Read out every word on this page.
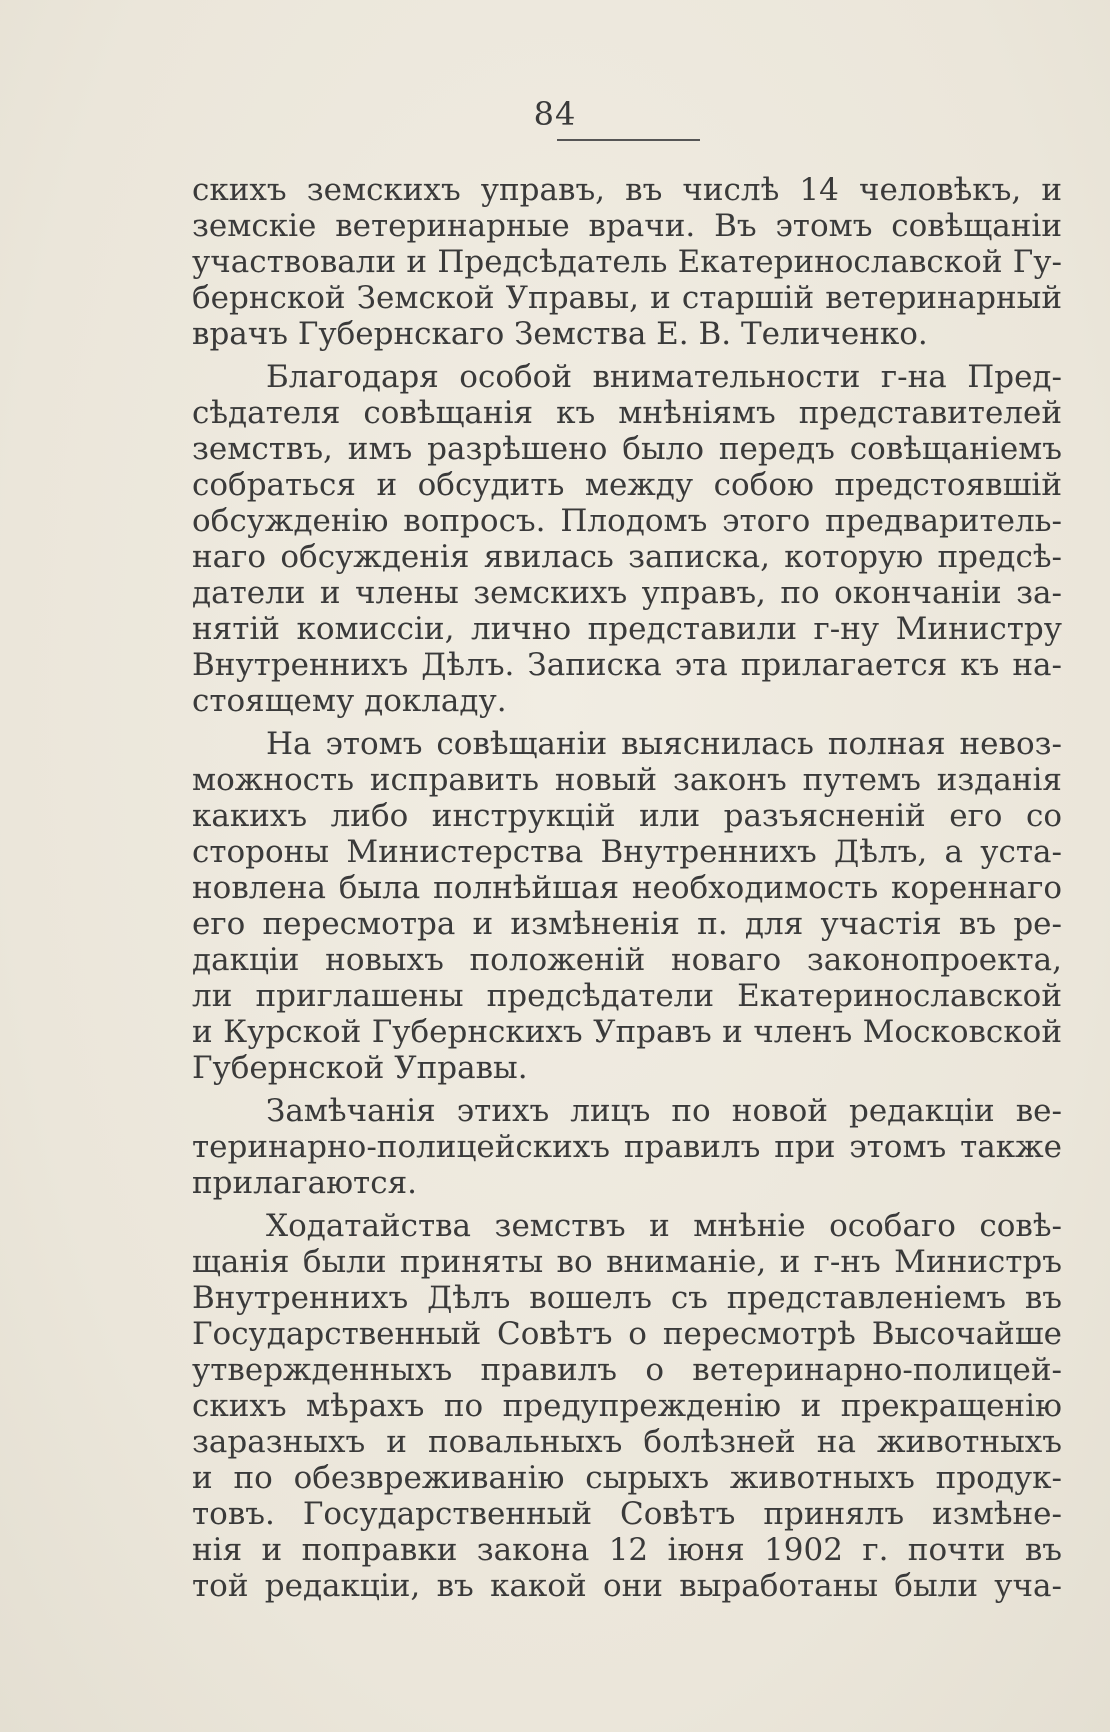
84
скихъ земскихъ управъ, въ числѣ 14 человѣкъ, и
земскіе ветеринарные врачи. Въ этомъ совѣщаніи
участвовали и Предсѣдатель Екатеринославской Гу-
бернской Земской Управы, и старшій ветеринарный
врачъ Губернскаго Земства Е. В. Теличенко.
Благодаря особой внимательности г-на Пред-
сѣдателя совѣщанія къ мнѣніямъ представителей
земствъ, имъ разрѣшено было передъ совѣщаніемъ
собраться и обсудить между собою предстоявшій
обсужденію вопросъ. Плодомъ этого предваритель-
наго обсужденія явилась записка, которую предсѣ-
датели и члены земскихъ управъ, по окончаніи за-
нятій комиссіи, лично представили г-ну Министру
Внутреннихъ Дѣлъ. Записка эта прилагается къ на-
стоящему докладу.
На этомъ совѣщаніи выяснилась полная невоз-
можность исправить новый законъ путемъ изданія
какихъ либо инструкцій или разъясненій его со
стороны Министерства Внутреннихъ Дѣлъ, а уста-
новлена была полнѣйшая необходимость кореннаго
его пересмотра и измѣненія п. для участія въ ре-
дакціи новыхъ положеній новаго законопроекта,
ли приглашены предсѣдатели Екатеринославской
и Курской Губернскихъ Управъ и членъ Московской
Губернской Управы.
Замѣчанія этихъ лицъ по новой редакціи ве-
теринарно-полицейскихъ правилъ при этомъ также
прилагаются.
Ходатайства земствъ и мнѣніе особаго совѣ-
щанія были приняты во вниманіе, и г-нъ Министръ
Внутреннихъ Дѣлъ вошелъ съ представленіемъ въ
Государственный Совѣтъ о пересмотрѣ Высочайше
утвержденныхъ правилъ о ветеринарно-полицей-
скихъ мѣрахъ по предупрежденію и прекращенію
заразныхъ и повальныхъ болѣзней на животныхъ
и по обезвреживанію сырыхъ животныхъ продук-
товъ. Государственный Совѣтъ принялъ измѣне-
нія и поправки закона 12 іюня 1902 г. почти въ
той редакціи, въ какой они выработаны были уча-
